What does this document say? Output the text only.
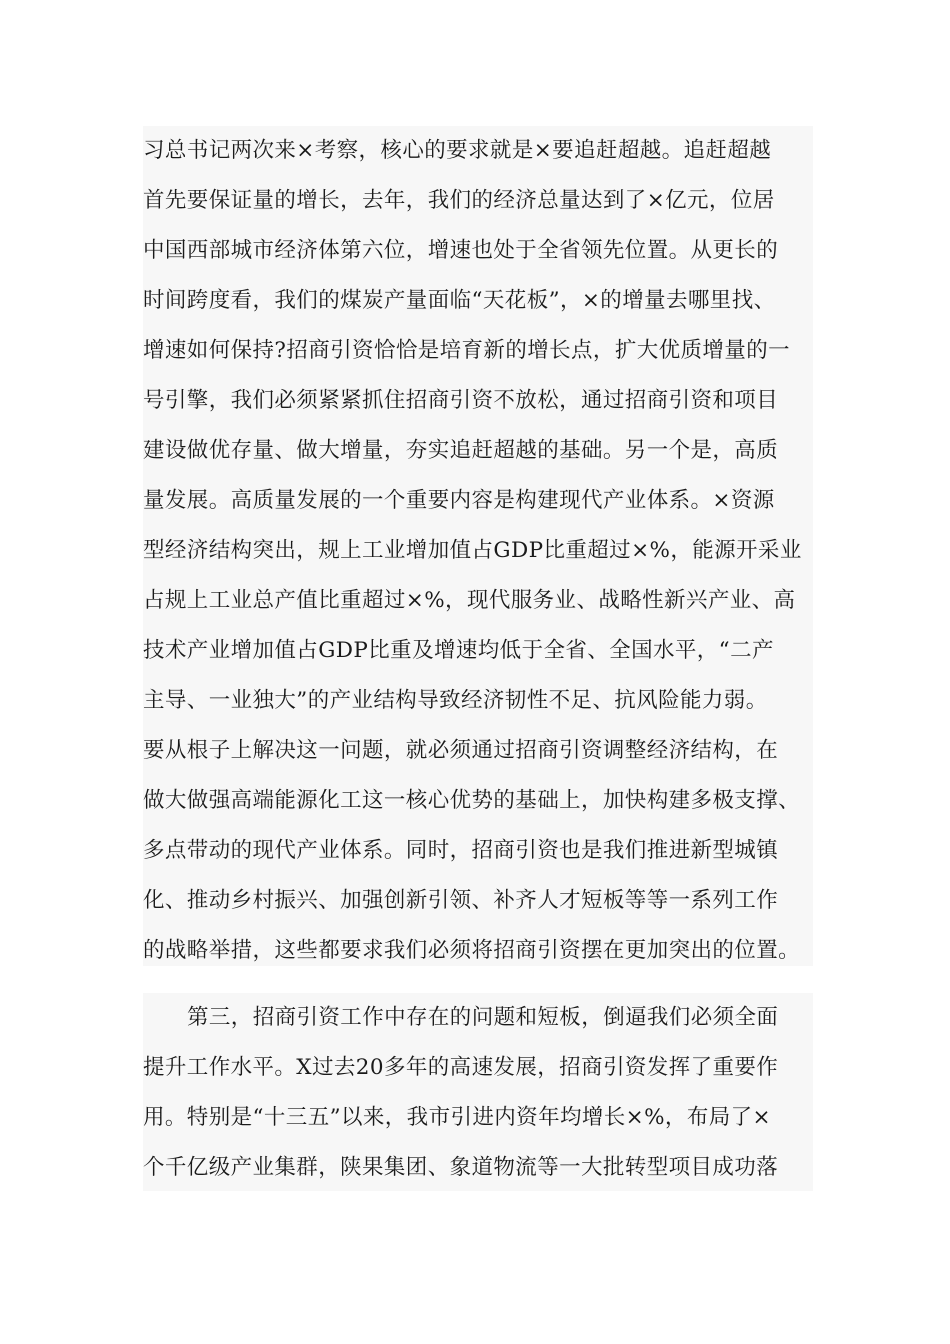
习总书记两次来×考察，核心的要求就是×要追赶超越。追赶超越
首先要保证量的增长，去年，我们的经济总量达到了×亿元，位居
中国西部城市经济体第六位，增速也处于全省领先位置。从更长的
时间跨度看，我们的煤炭产量面临“天花板”，×的增量去哪里找、
增速如何保持?招商引资恰恰是培育新的增长点，扩大优质增量的一
号引擎，我们必须紧紧抓住招商引资不放松，通过招商引资和项目
建设做优存量、做大增量，夯实追赶超越的基础。另一个是，高质
量发展。高质量发展的一个重要内容是构建现代产业体系。×资源
型经济结构突出，规上工业增加值占GDP比重超过×%，能源开采业
占规上工业总产值比重超过×%，现代服务业、战略性新兴产业、高
技术产业增加值占GDP比重及增速均低于全省、全国水平，“二产
主导、一业独大”的产业结构导致经济韧性不足、抗风险能力弱。
要从根子上解决这一问题，就必须通过招商引资调整经济结构，在
做大做强高端能源化工这一核心优势的基础上，加快构建多极支撑、
多点带动的现代产业体系。同时，招商引资也是我们推进新型城镇
化、推动乡村振兴、加强创新引领、补齐人才短板等等一系列工作
的战略举措，这些都要求我们必须将招商引资摆在更加突出的位置。
第三，招商引资工作中存在的问题和短板，倒逼我们必须全面
提升工作水平。X过去20多年的高速发展，招商引资发挥了重要作
用。特别是“十三五”以来，我市引进内资年均增长×%，布局了×
个千亿级产业集群，陕果集团、象道物流等一大批转型项目成功落
